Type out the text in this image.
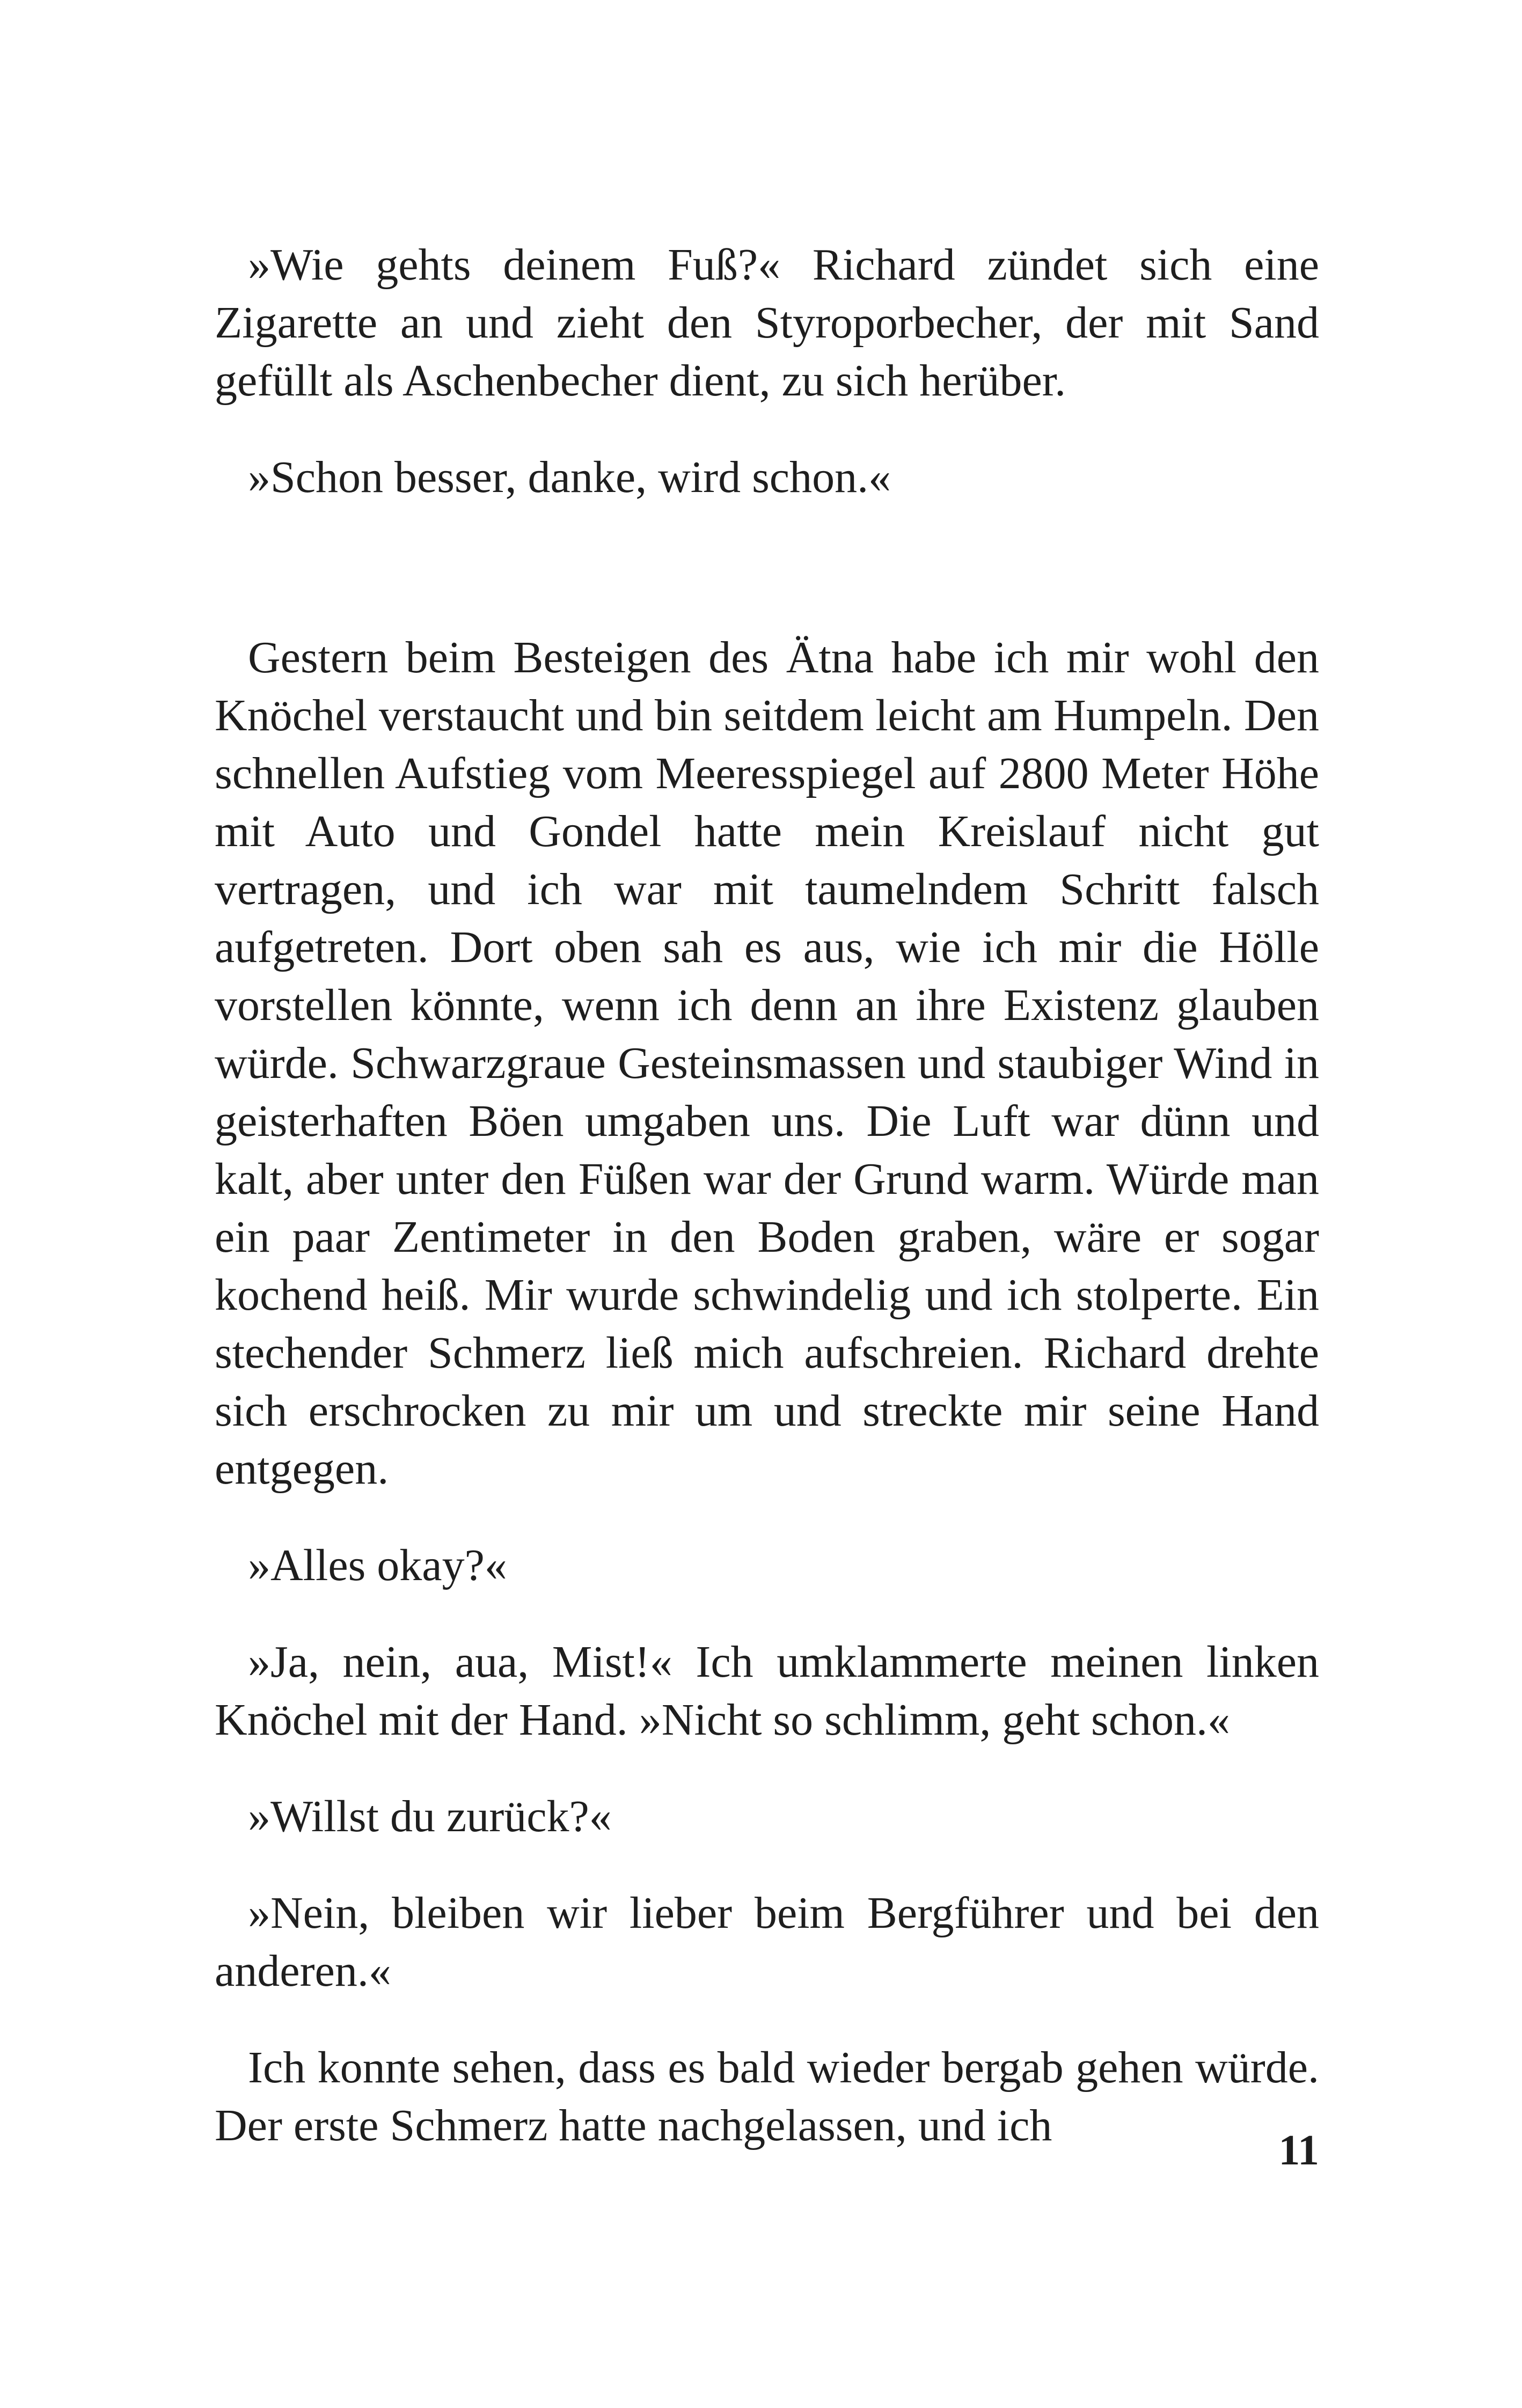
»Wie gehts deinem Fuß?« Richard zündet sich eine Zigarette an und zieht den Styroporbecher, der mit Sand gefüllt als Aschenbecher dient, zu sich herüber.

»Schon besser, danke, wird schon.«

Gestern beim Besteigen des Ätna habe ich mir wohl den Knöchel verstaucht und bin seitdem leicht am Humpeln. Den schnellen Aufstieg vom Meeresspiegel auf 2800 Meter Höhe mit Auto und Gondel hatte mein Kreislauf nicht gut vertragen, und ich war mit taumelndem Schritt falsch aufgetreten. Dort oben sah es aus, wie ich mir die Hölle vorstellen könnte, wenn ich denn an ihre Existenz glauben würde. Schwarzgraue Gesteinsmassen und staubiger Wind in geisterhaften Böen umgaben uns. Die Luft war dünn und kalt, aber unter den Füßen war der Grund warm. Würde man ein paar Zentimeter in den Boden graben, wäre er sogar kochend heiß. Mir wurde schwindelig und ich stolperte. Ein stechender Schmerz ließ mich aufschreien. Richard drehte sich erschrocken zu mir um und streckte mir seine Hand entgegen.

»Alles okay?«

»Ja, nein, aua, Mist!« Ich umklammerte meinen linken Knöchel mit der Hand. »Nicht so schlimm, geht schon.«

»Willst du zurück?«

»Nein, bleiben wir lieber beim Bergführer und bei den anderen.«

Ich konnte sehen, dass es bald wieder bergab gehen würde. Der erste Schmerz hatte nachgelassen, und ich	11
